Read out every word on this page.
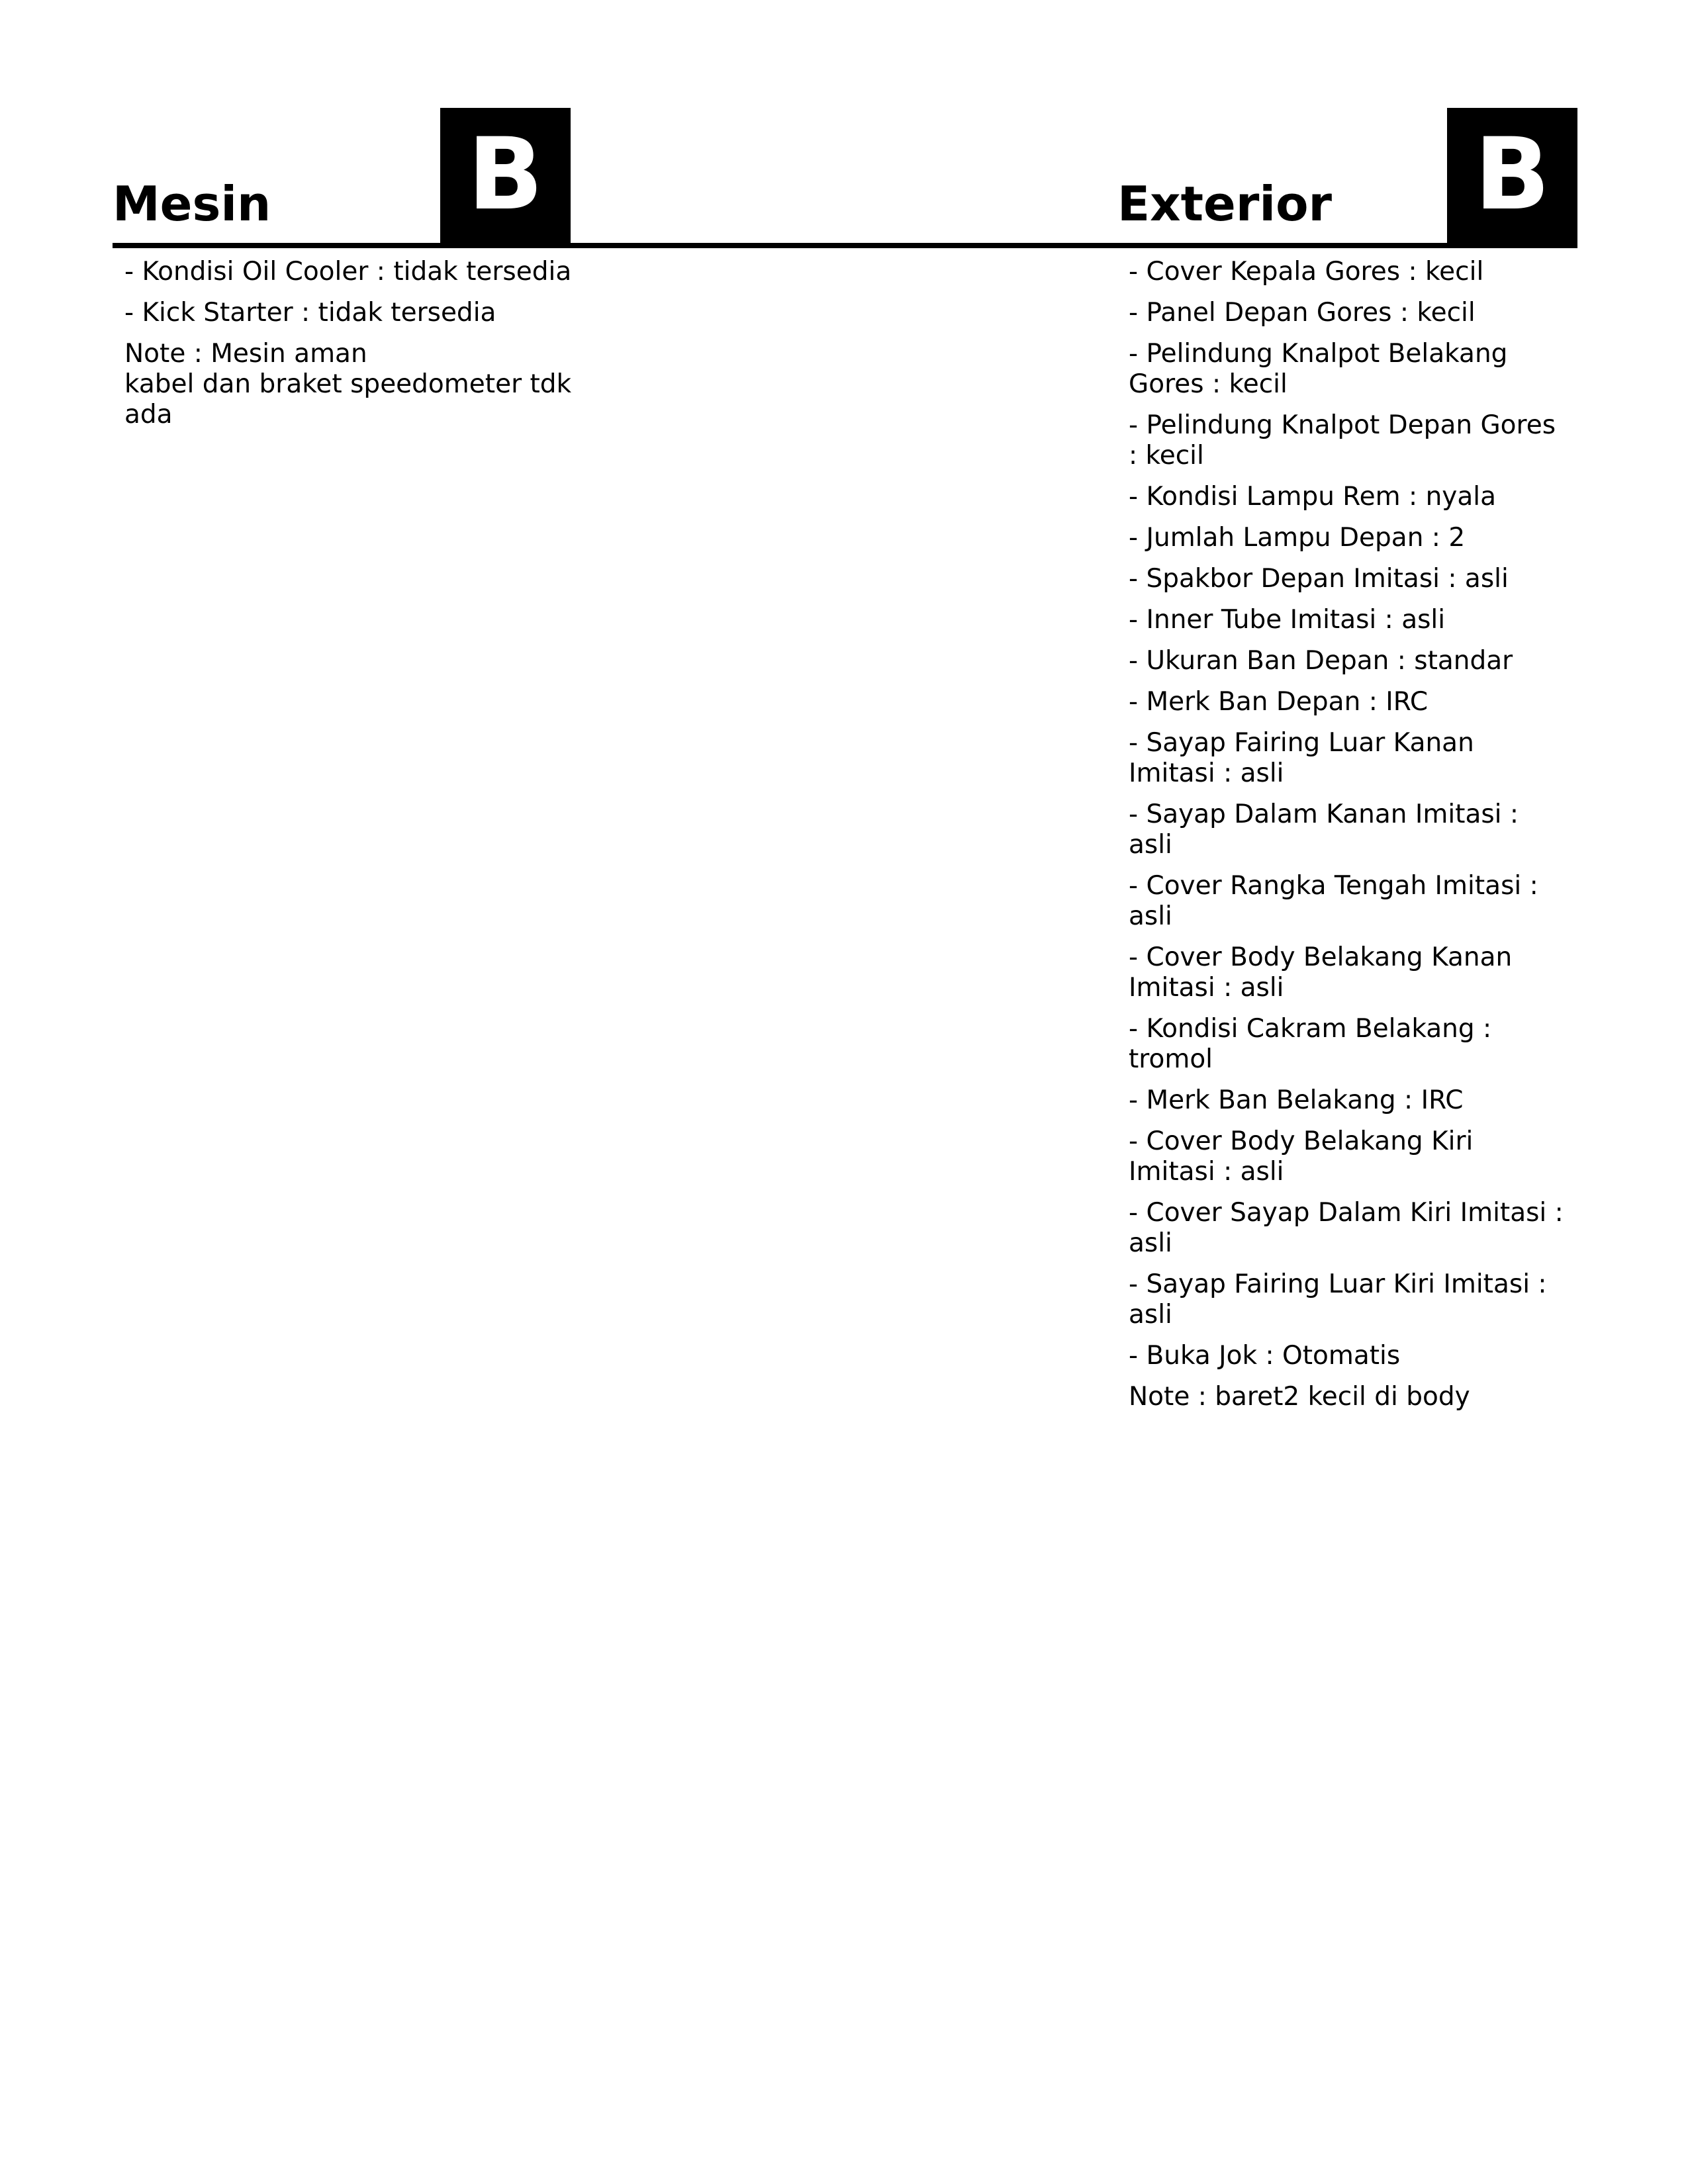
Mesin B
- Kondisi Oil Cooler : tidak tersedia
- Kick Starter : tidak tersedia
Note : Mesin aman
kabel dan braket speedometer tdk ada
Exterior B
- Cover Kepala Gores : kecil
- Panel Depan Gores : kecil
- Pelindung Knalpot Belakang Gores : kecil
- Pelindung Knalpot Depan Gores : kecil
- Kondisi Lampu Rem : nyala
- Jumlah Lampu Depan : 2
- Spakbor Depan Imitasi : asli
- Inner Tube Imitasi : asli
- Ukuran Ban Depan : standar
- Merk Ban Depan : IRC
- Sayap Fairing Luar Kanan Imitasi : asli
- Sayap Dalam Kanan Imitasi : asli
- Cover Rangka Tengah Imitasi : asli
- Cover Body Belakang Kanan Imitasi : asli
- Kondisi Cakram Belakang : tromol
- Merk Ban Belakang : IRC
- Cover Body Belakang Kiri Imitasi : asli
- Cover Sayap Dalam Kiri Imitasi : asli
- Sayap Fairing Luar Kiri Imitasi : asli
- Buka Jok : Otomatis
Note : baret2 kecil di body
